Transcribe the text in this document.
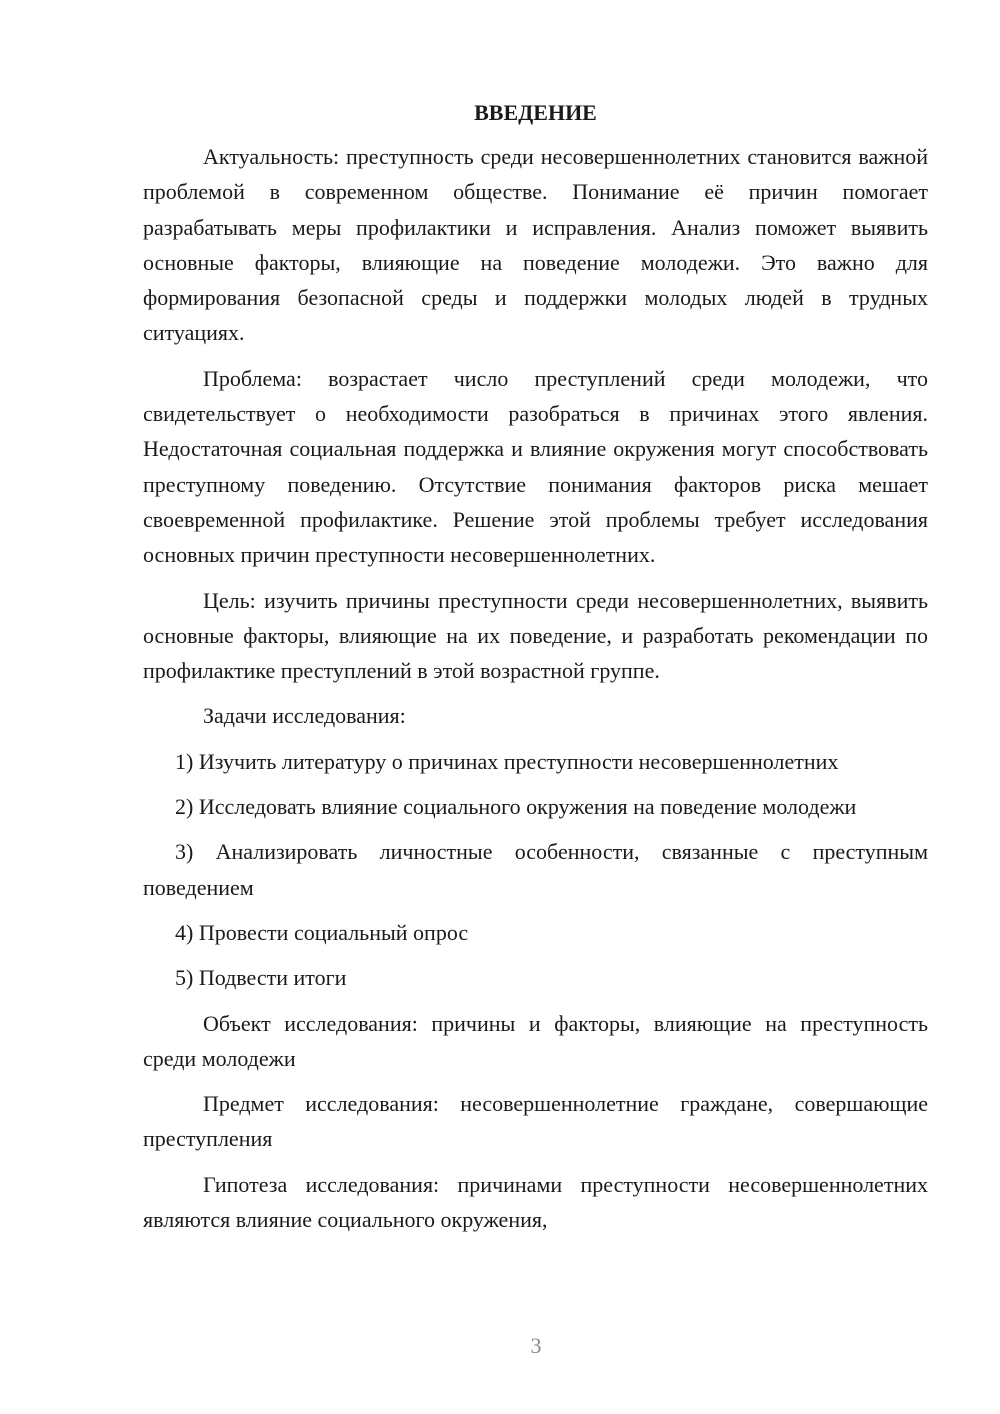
ВВЕДЕНИЕ

Актуальность: преступность среди несовершеннолетних становится важной проблемой в современном обществе. Понимание её причин помогает разрабатывать меры профилактики и исправления. Анализ поможет выявить основные факторы, влияющие на поведение молодежи. Это важно для формирования безопасной среды и поддержки молодых людей в трудных ситуациях.

Проблема: возрастает число преступлений среди молодежи, что свидетельствует о необходимости разобраться в причинах этого явления. Недостаточная социальная поддержка и влияние окружения могут способствовать преступному поведению. Отсутствие понимания факторов риска мешает своевременной профилактике. Решение этой проблемы требует исследования основных причин преступности несовершеннолетних.

Цель: изучить причины преступности среди несовершеннолетних, выявить основные факторы, влияющие на их поведение, и разработать рекомендации по профилактике преступлений в этой возрастной группе.

Задачи исследования:

1) Изучить литературу о причинах преступности несовершеннолетних

2) Исследовать влияние социального окружения на поведение молодежи

3) Анализировать личностные особенности, связанные с преступным поведением

4) Провести социальный опрос

5) Подвести итоги

Объект исследования: причины и факторы, влияющие на преступность среди молодежи

Предмет исследования: несовершеннолетние граждане, совершающие преступления

Гипотеза исследования: причинами преступности несовершеннолетних являются влияние социального окружения,

3
